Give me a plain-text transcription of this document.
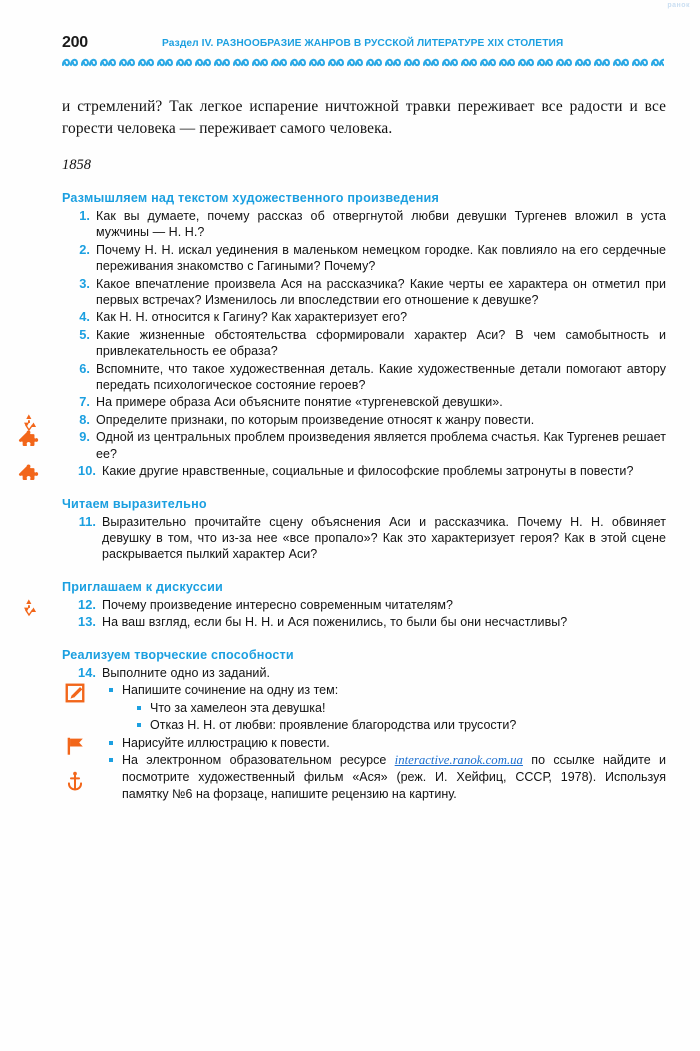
ранок
200	Раздел IV. РАЗНООБРАЗИЕ ЖАНРОВ В РУССКОЙ ЛИТЕРАТУРЕ XIX СТОЛЕТИЯ

и стремлений? Так легкое испарение ничтожной травки переживает все радости и все горести человека — переживает самого человека.

1858
Размышляем над текстом художественного произведения
1. Как вы думаете, почему рассказ об отвергнутой любви девушки Тургенев вложил в уста мужчины — Н. Н.?
2. Почему Н. Н. искал уединения в маленьком немецком городке. Как повлияло на его сердечные переживания знакомство с Гагиными? Почему?
3. Какое впечатление произвела Ася на рассказчика? Какие черты ее характера он отметил при первых встречах? Изменилось ли впоследствии его отношение к девушке?
4. Как Н. Н. относится к Гагину? Как характеризует его?
5. Какие жизненные обстоятельства сформировали характер Аси? В чем самобытность и привлекательность ее образа?
6. Вспомните, что такое художественная деталь. Какие художественные детали помогают автору передать психологическое состояние героев?
7. На примере образа Аси объясните понятие «тургеневской девушки».
8. Определите признаки, по которым произведение относят к жанру повести.
9. Одной из центральных проблем произведения является проблема счастья. Как Тургенев решает ее?
10. Какие другие нравственные, социальные и философские проблемы затронуты в повести?
Читаем выразительно
11. Выразительно прочитайте сцену объяснения Аси и рассказчика. Почему Н. Н. обвиняет девушку в том, что из-за нее «все пропало»? Как это характеризует героя? Как в этой сцене раскрывается пылкий характер Аси?
Приглашаем к дискуссии
12. Почему произведение интересно современным читателям?
13. На ваш взгляд, если бы Н. Н. и Ася поженились, то были бы они несчастливы?
Реализуем творческие способности
14. Выполните одно из заданий.
Напишите сочинение на одну из тем:
Что за хамелеон эта девушка!
Отказ Н. Н. от любви: проявление благородства или трусости?
Нарисуйте иллюстрацию к повести.
На электронном образовательном ресурсе interactive.ranok.com.ua по ссылке найдите и посмотрите художественный фильм «Ася» (реж. И. Хейфиц, СССР, 1978). Используя памятку №6 на форзаце, напишите рецензию на картину.
